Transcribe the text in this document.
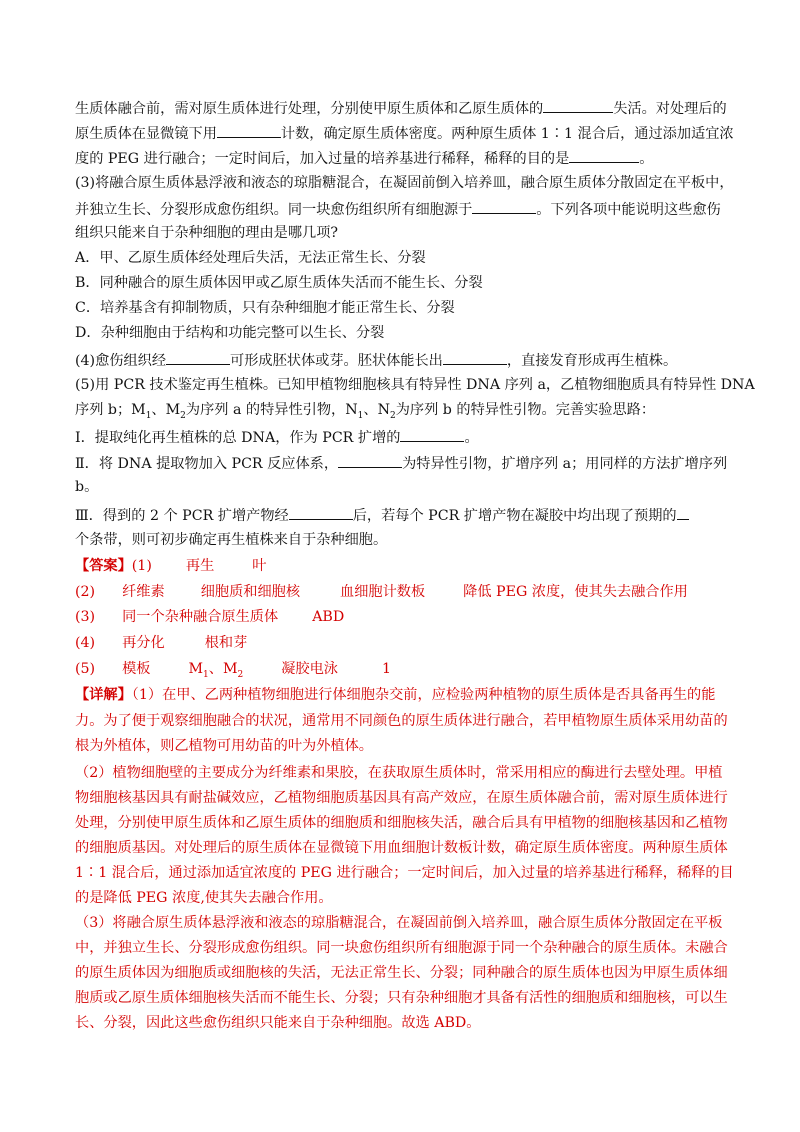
生质体融合前，需对原生质体进行处理，分别使甲原生质体和乙原生质体的	失活。对处理后的
原生质体在显微镜下用	计数，确定原生质体密度。两种原生质体 1∶1 混合后，通过添加适宜浓
度的 PEG 进行融合；一定时间后，加入过量的培养基进行稀释，稀释的目的是	。
(3)将融合原生质体悬浮液和液态的琼脂糖混合，在凝固前倒入培养皿，融合原生质体分散固定在平板中，
并独立生长、分裂形成愈伤组织。同一块愈伤组织所有细胞源于	。下列各项中能说明这些愈伤
组织只能来自于杂种细胞的理由是哪几项?
A．甲、乙原生质体经处理后失活，无法正常生长、分裂
B．同种融合的原生质体因甲或乙原生质体失活而不能生长、分裂
C．培养基含有抑制物质，只有杂种细胞才能正常生长、分裂
D．杂种细胞由于结构和功能完整可以生长、分裂
(4)愈伤组织经	可形成胚状体或芽。胚状体能长出	，直接发育形成再生植株。
(5)用 PCR 技术鉴定再生植株。已知甲植物细胞核具有特异性 DNA 序列 a，乙植物细胞质具有特异性 DNA
序列 b；$M_1$、$M_2$为序列 a 的特异性引物，$N_1$、$N_2$为序列 b 的特异性引物。完善实验思路：
Ⅰ．提取纯化再生植株的总 DNA，作为 PCR 扩增的	。
Ⅱ．将 DNA 提取物加入 PCR 反应体系，	为特异性引物，扩增序列 a；用同样的方法扩增序列
b。
Ⅲ．得到的 2 个 PCR 扩增产物经	后，若每个 PCR 扩增产物在凝胶中均出现了预期的
个条带，则可初步确定再生植株来自于杂种细胞。
【答案】(1) 再生	叶
(2) 纤维素	细胞质和细胞核	血细胞计数板	降低 PEG 浓度，使其失去融合作用
(3) 同一个杂种融合原生质体 ABD
(4) 再分化	根和芽
(5) 模板	$M_1$、$M_2$	凝胶电泳	1
【详解】（1）在甲、乙两种植物细胞进行体细胞杂交前，应检验两种植物的原生质体是否具备再生的能
力。为了便于观察细胞融合的状况，通常用不同颜色的原生质体进行融合，若甲植物原生质体采用幼苗的
根为外植体，则乙植物可用幼苗的叶为外植体。
（2）植物细胞壁的主要成分为纤维素和果胶，在获取原生质体时，常采用相应的酶进行去壁处理。甲植
物细胞核基因具有耐盐碱效应，乙植物细胞质基因具有高产效应，在原生质体融合前，需对原生质体进行
处理，分别使甲原生质体和乙原生质体的细胞质和细胞核失活，融合后具有甲植物的细胞核基因和乙植物
的细胞质基因。对处理后的原生质体在显微镜下用血细胞计数板计数，确定原生质体密度。两种原生质体
1∶1 混合后，通过添加适宜浓度的 PEG 进行融合；一定时间后，加入过量的培养基进行稀释，稀释的目
的是降低 PEG 浓度,使其失去融合作用。
（3）将融合原生质体悬浮液和液态的琼脂糖混合，在凝固前倒入培养皿，融合原生质体分散固定在平板
中，并独立生长、分裂形成愈伤组织。同一块愈伤组织所有细胞源于同一个杂种融合的原生质体。未融合
的原生质体因为细胞质或细胞核的失活，无法正常生长、分裂；同种融合的原生质体也因为甲原生质体细
胞质或乙原生质体细胞核失活而不能生长、分裂；只有杂种细胞才具备有活性的细胞质和细胞核，可以生
长、分裂，因此这些愈伤组织只能来自于杂种细胞。故选 ABD。
